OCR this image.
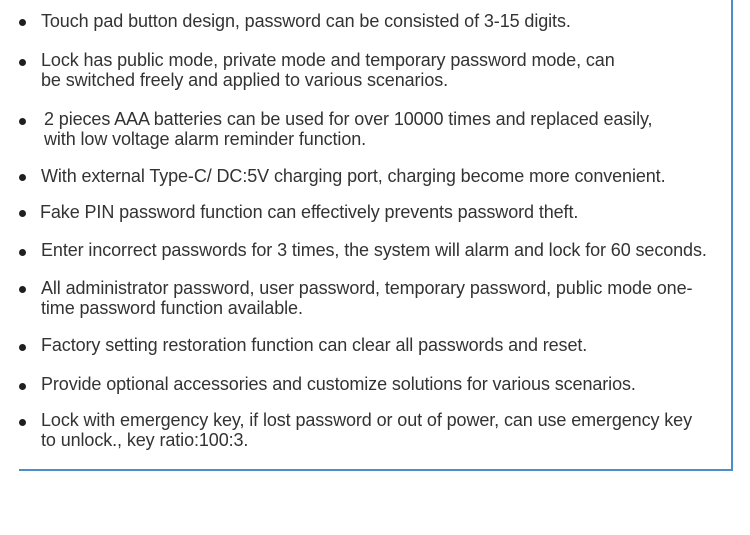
Touch pad button design, password can be consisted of 3-15 digits.
Lock has public mode, private mode and temporary password mode, can
be switched freely and applied to various scenarios.
2 pieces AAA batteries can be used for over 10000 times and replaced easily,
with low voltage alarm reminder function.
With external Type-C/ DC:5V charging port, charging become more convenient.
Fake PIN password function can effectively prevents password theft.
Enter incorrect passwords for 3 times, the system will alarm and lock for 60 seconds.
All administrator password, user password, temporary password, public mode one-
time password function available.
Factory setting restoration function can clear all passwords and reset.
Provide optional accessories and customize solutions for various scenarios.
Lock with emergency key, if lost password or out of power, can use emergency key
to unlock., key ratio:100:3.
